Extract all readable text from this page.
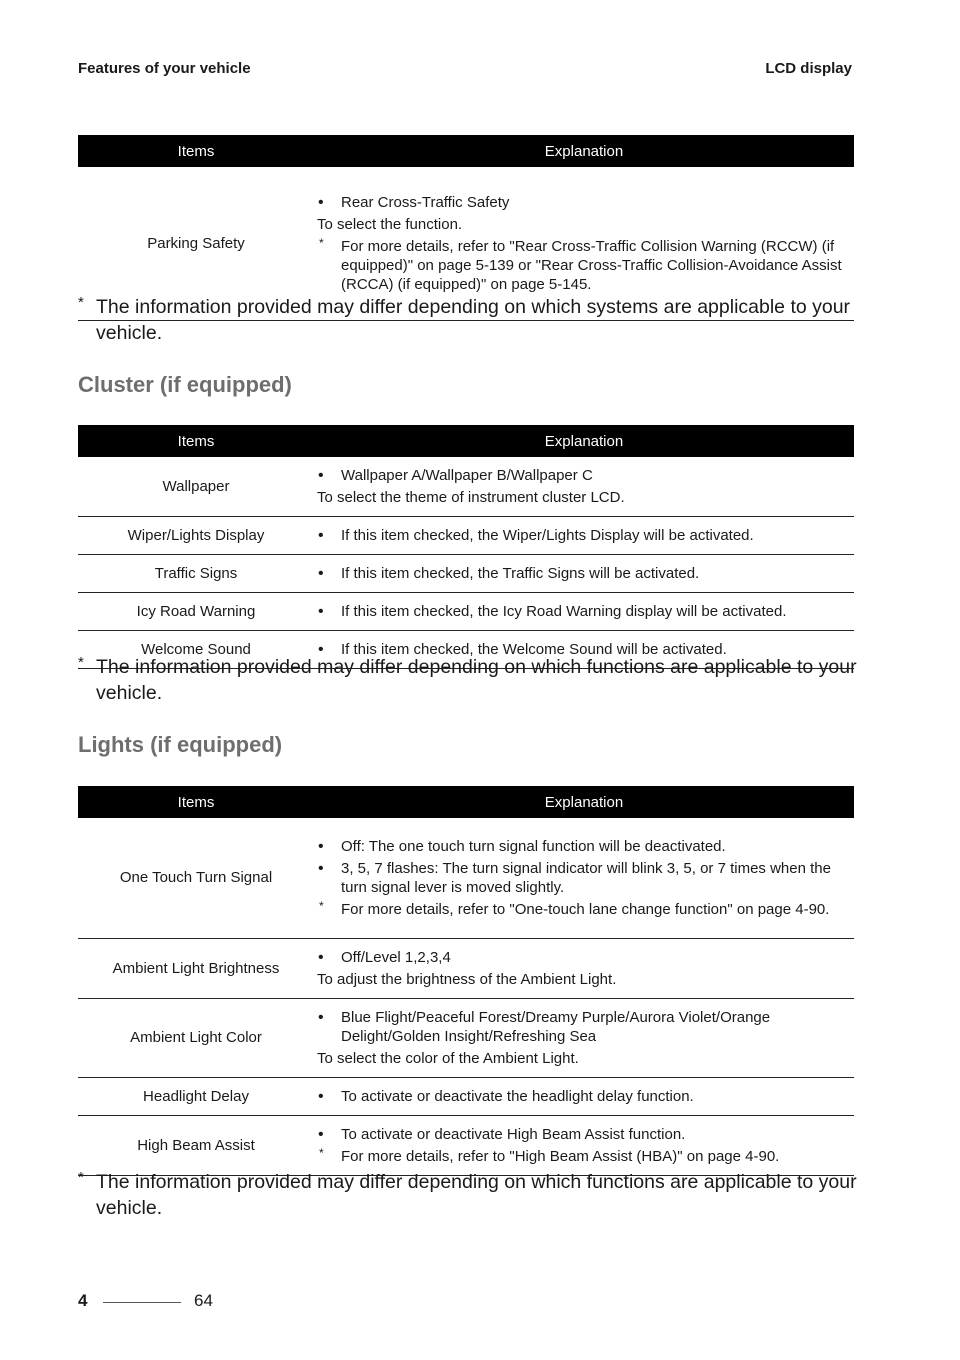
Features of your vehicle	LCD display
Items	Explanation
Parking Safety	• Rear Cross-Traffic Safety
To select the function.
* For more details, refer to "Rear Cross-Traffic Collision Warning (RCCW) (if equipped)" on page 5-139 or "Rear Cross-Traffic Collision-Avoidance Assist (RCCA) (if equipped)" on page 5-145.
* The information provided may differ depending on which systems are applicable to your vehicle.
Cluster (if equipped)
Items	Explanation
Wallpaper	• Wallpaper A/Wallpaper B/Wallpaper C
To select the theme of instrument cluster LCD.

Wiper/Lights Display	• If this item checked, the Wiper/Lights Display will be activated.

Traffic Signs	• If this item checked, the Traffic Signs will be activated.

Icy Road Warning	• If this item checked, the Icy Road Warning display will be activated.

Welcome Sound	• If this item checked, the Welcome Sound will be activated.
* The information provided may differ depending on which functions are applicable to your vehicle.
Lights (if equipped)
Items	Explanation
One Touch Turn Signal	• Off: The one touch turn signal function will be deactivated.
• 3, 5, 7 flashes: The turn signal indicator will blink 3, 5, or 7 times when the turn signal lever is moved slightly.
* For more details, refer to "One-touch lane change function" on page 4-90.

Ambient Light Brightness	• Off/Level 1,2,3,4
To adjust the brightness of the Ambient Light.

Ambient Light Color	• Blue Flight/Peaceful Forest/Dreamy Purple/Aurora Violet/Orange Delight/Golden Insight/Refreshing Sea
To select the color of the Ambient Light.

Headlight Delay	• To activate or deactivate the headlight delay function.

High Beam Assist	• To activate or deactivate High Beam Assist function.
* For more details, refer to "High Beam Assist (HBA)" on page 4-90.
* The information provided may differ depending on which functions are applicable to your vehicle.
4	64
